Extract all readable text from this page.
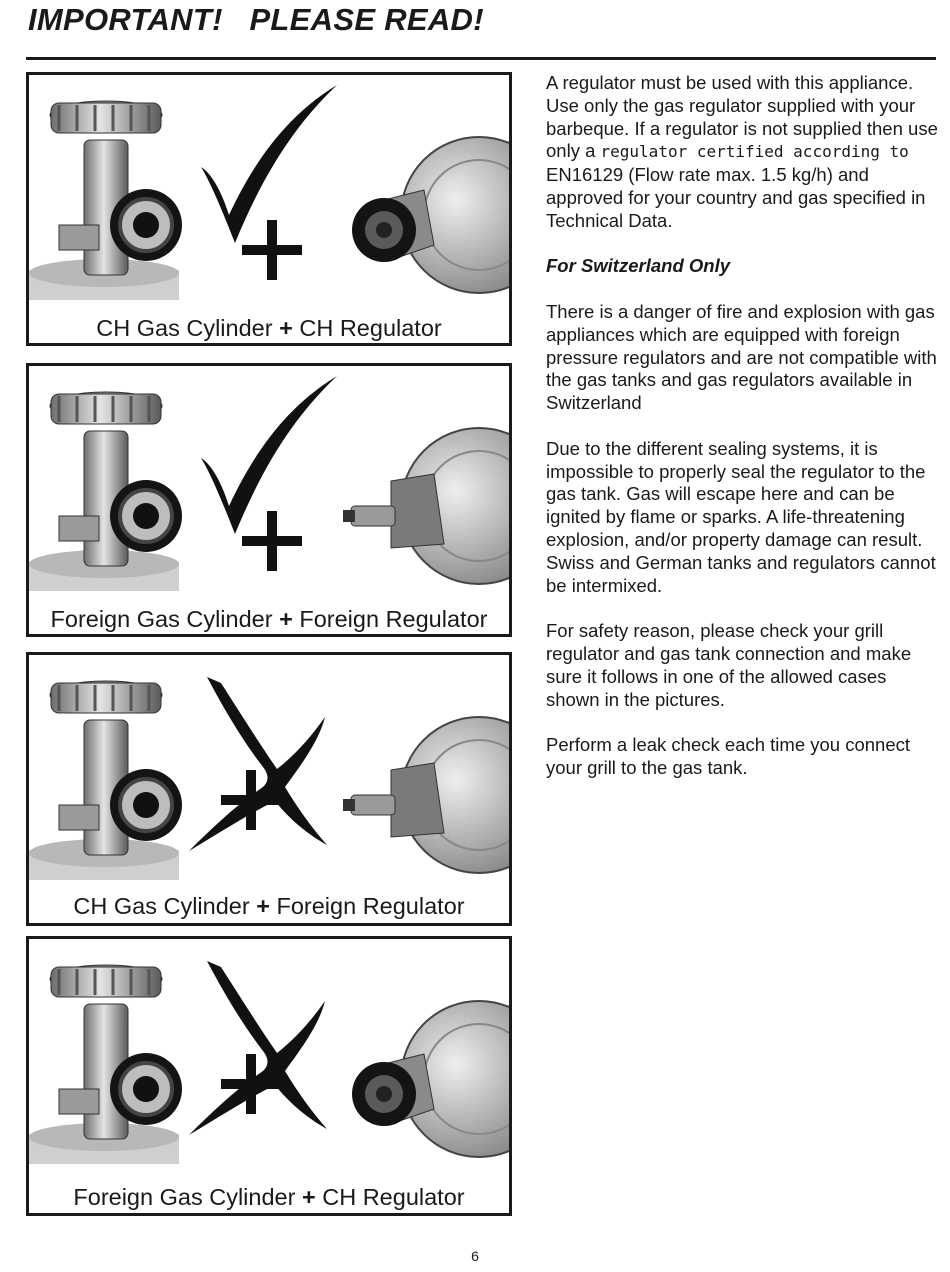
IMPORTANT!   PLEASE READ!
CH Gas Cylinder + CH Regulator
Foreign Gas Cylinder + Foreign Regulator
CH Gas Cylinder + Foreign Regulator
Foreign Gas Cylinder + CH Regulator

A regulator must be used with this appliance. Use only the gas regulator supplied with your barbeque. If a regulator is not supplied then use only a regulator certified according to EN16129 (Flow rate max. 1.5 kg/h) and approved for your country and gas specified in Technical Data.

For Switzerland Only

There is a danger of fire and explosion with gas appliances which are equipped with foreign pressure regulators and are not compatible with the gas tanks and gas regulators available in Switzerland

Due to the different sealing systems, it is impossible to properly seal the regulator to the gas tank. Gas will escape here and can be ignited by flame or sparks. A life-threatening explosion, and/or property damage can result. Swiss and German tanks and regulators cannot be intermixed.

For safety reason, please check your grill regulator and gas tank connection and make sure it follows in one of the allowed cases shown in the pictures.

Perform a leak check each time you connect your grill to the gas tank.

6
